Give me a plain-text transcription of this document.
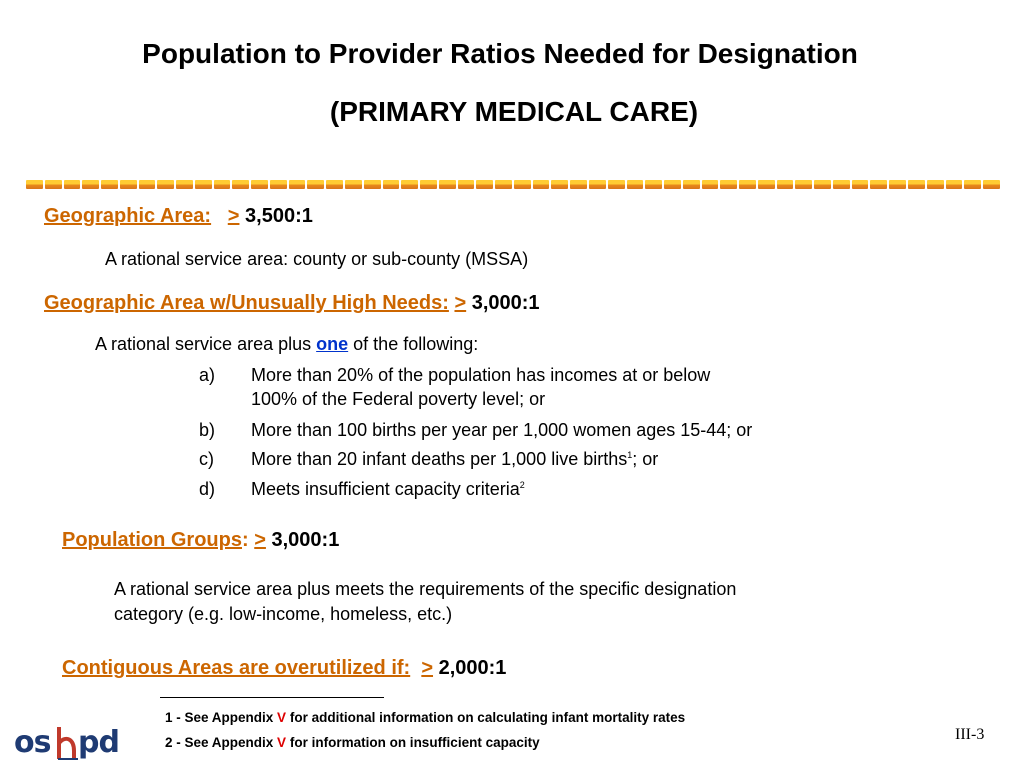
Population to Provider Ratios Needed for Designation
(PRIMARY MEDICAL CARE)
Geographic Area: > 3,500:1
A rational service area: county or sub-county (MSSA)
Geographic Area w/Unusually High Needs: > 3,000:1
A rational service area plus one of the following:
a)	More than 20% of the population has incomes at or below
100% of the Federal poverty level; or
b)	More than 100 births per year per 1,000 women ages 15-44; or
c)	More than 20 infant deaths per 1,000 live births$^1$; or
d)	Meets insufficient capacity criteria$^2$
Population Groups: > 3,000:1
A rational service area plus meets the requirements of the specific designation
category (e.g. low-income, homeless, etc.)
Contiguous Areas are overutilized if: > 2,000:1
1 - See Appendix V for additional information on calculating infant mortality rates
2 - See Appendix V for information on insufficient capacity
os pd	III-3
